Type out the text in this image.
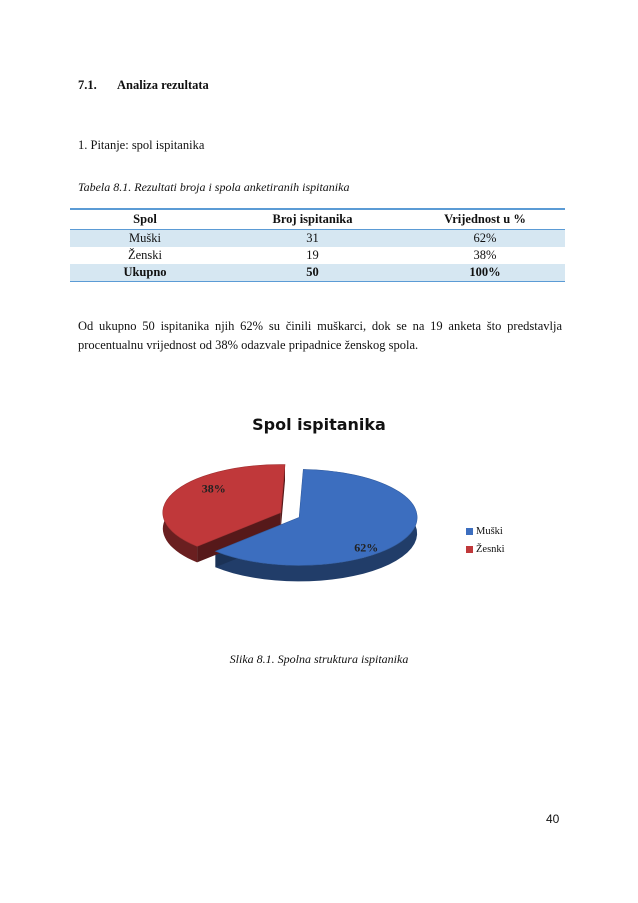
7.1. Analiza rezultata
1. Pitanje: spol ispitanika
Tabela 8.1. Rezultati broja i spola anketiranih ispitanika
Spol	Broj ispitanika	Vrijednost u %
Muški	31	62%
Ženski	19	38%
Ukupno	50	100%
Od ukupno 50 ispitanika njih 62% su činili muškarci, dok se na 19 anketa što predstavlja procentualnu vrijednost od 38% odazvale pripadnice ženskog spola.
Spol ispitanika
62%
38%
Muški
Žesnki
Slika 8.1. Spolna struktura ispitanika
40
